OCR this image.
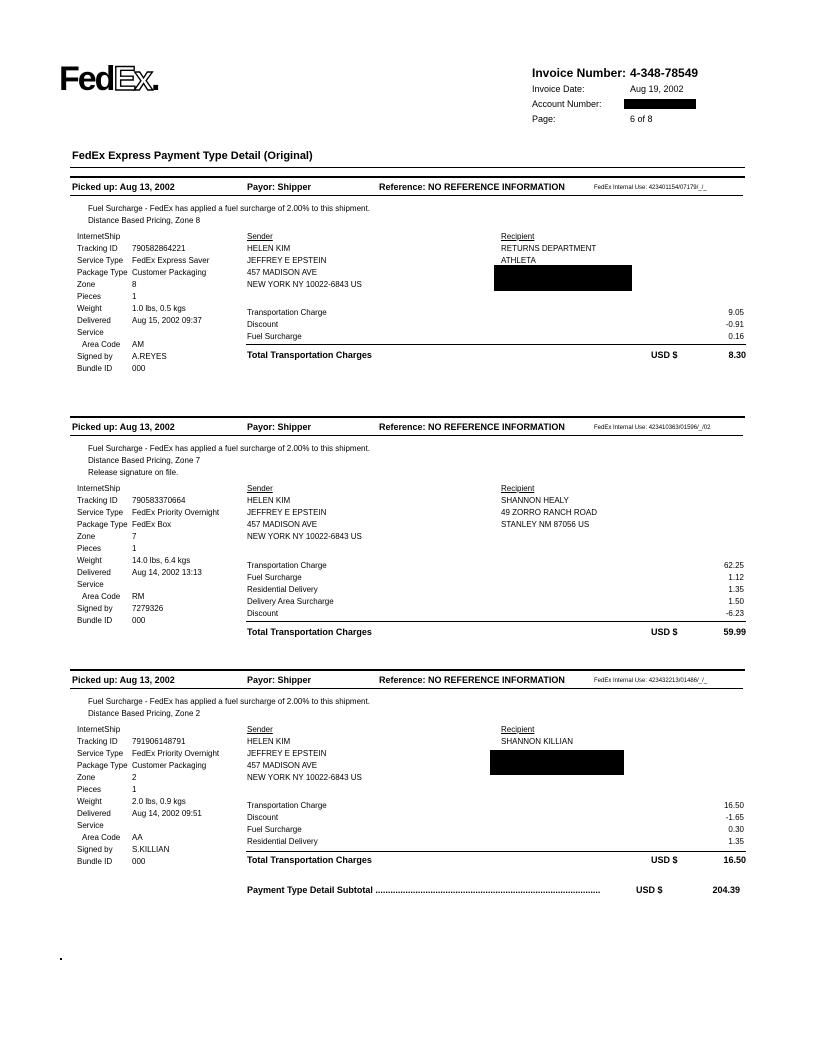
FedEx.	Invoice Number: 4-348-78549
Invoice Date:	Aug 19, 2002
Account Number:
Page:	6 of 8
FedEx Express Payment Type Detail (Original)
Picked up: Aug 13, 2002	Payor: Shipper	Reference: NO REFERENCE INFORMATION	FedEx Internal Use: 423401154/07179/_/_
Fuel Surcharge - FedEx has applied a fuel surcharge of 2.00% to this shipment.
Distance Based Pricing, Zone 8
InternetShip
Tracking ID 790582864221
Service Type FedEx Express Saver
Package Type Customer Packaging
Zone	8
Pieces	1
Weight	1.0 lbs, 0.5 kgs
Delivered	Aug 15, 2002 09:37
Service
Area Code AM
Signed by A.REYES
Bundle ID 000
Sender
HELEN KIM
JEFFREY E EPSTEIN
457 MADISON AVE
NEW YORK NY 10022-6843 US
Recipient
RETURNS DEPARTMENT
ATHLETA
Transportation Charge	9.05
Discount	-0.91
Fuel Surcharge	0.16
Total Transportation Charges	USD $	8.30
Picked up: Aug 13, 2002	Payor: Shipper	Reference: NO REFERENCE INFORMATION	FedEx Internal Use: 423410363/01596/_/02
Fuel Surcharge - FedEx has applied a fuel surcharge of 2.00% to this shipment.
Distance Based Pricing, Zone 7
Release signature on file.
InternetShip
Tracking ID 790583370664
Service Type FedEx Priority Overnight
Package Type FedEx Box
Zone	7
Pieces	1
Weight	14.0 lbs, 6.4 kgs
Delivered	Aug 14, 2002 13:13
Service
Area Code RM
Signed by 7279326
Bundle ID 000
Sender
HELEN KIM
JEFFREY E EPSTEIN
457 MADISON AVE
NEW YORK NY 10022-6843 US
Recipient
SHANNON HEALY
49 ZORRO RANCH ROAD
STANLEY NM 87056 US
Transportation Charge	62.25
Fuel Surcharge	1.12
Residential Delivery	1.35
Delivery Area Surcharge	1.50
Discount	-6.23
Total Transportation Charges	USD $	59.99
Picked up: Aug 13, 2002	Payor: Shipper	Reference: NO REFERENCE INFORMATION	FedEx Internal Use: 423432213/01486/_/_
Fuel Surcharge - FedEx has applied a fuel surcharge of 2.00% to this shipment.
Distance Based Pricing, Zone 2
InternetShip
Tracking ID 791906148791
Service Type FedEx Priority Overnight
Package Type Customer Packaging
Zone	2
Pieces	1
Weight	2.0 lbs, 0.9 kgs
Delivered	Aug 14, 2002 09:51
Service
Area Code AA
Signed by S.KILLIAN
Bundle ID 000
Sender
HELEN KIM
JEFFREY E EPSTEIN
457 MADISON AVE
NEW YORK NY 10022-6843 US
Recipient
SHANNON KILLIAN
Transportation Charge	16.50
Discount	-1.65
Fuel Surcharge	0.30
Residential Delivery	1.35
Total Transportation Charges	USD $	16.50
Payment Type Detail Subtotal ..........................................................................................	USD $	204.39
